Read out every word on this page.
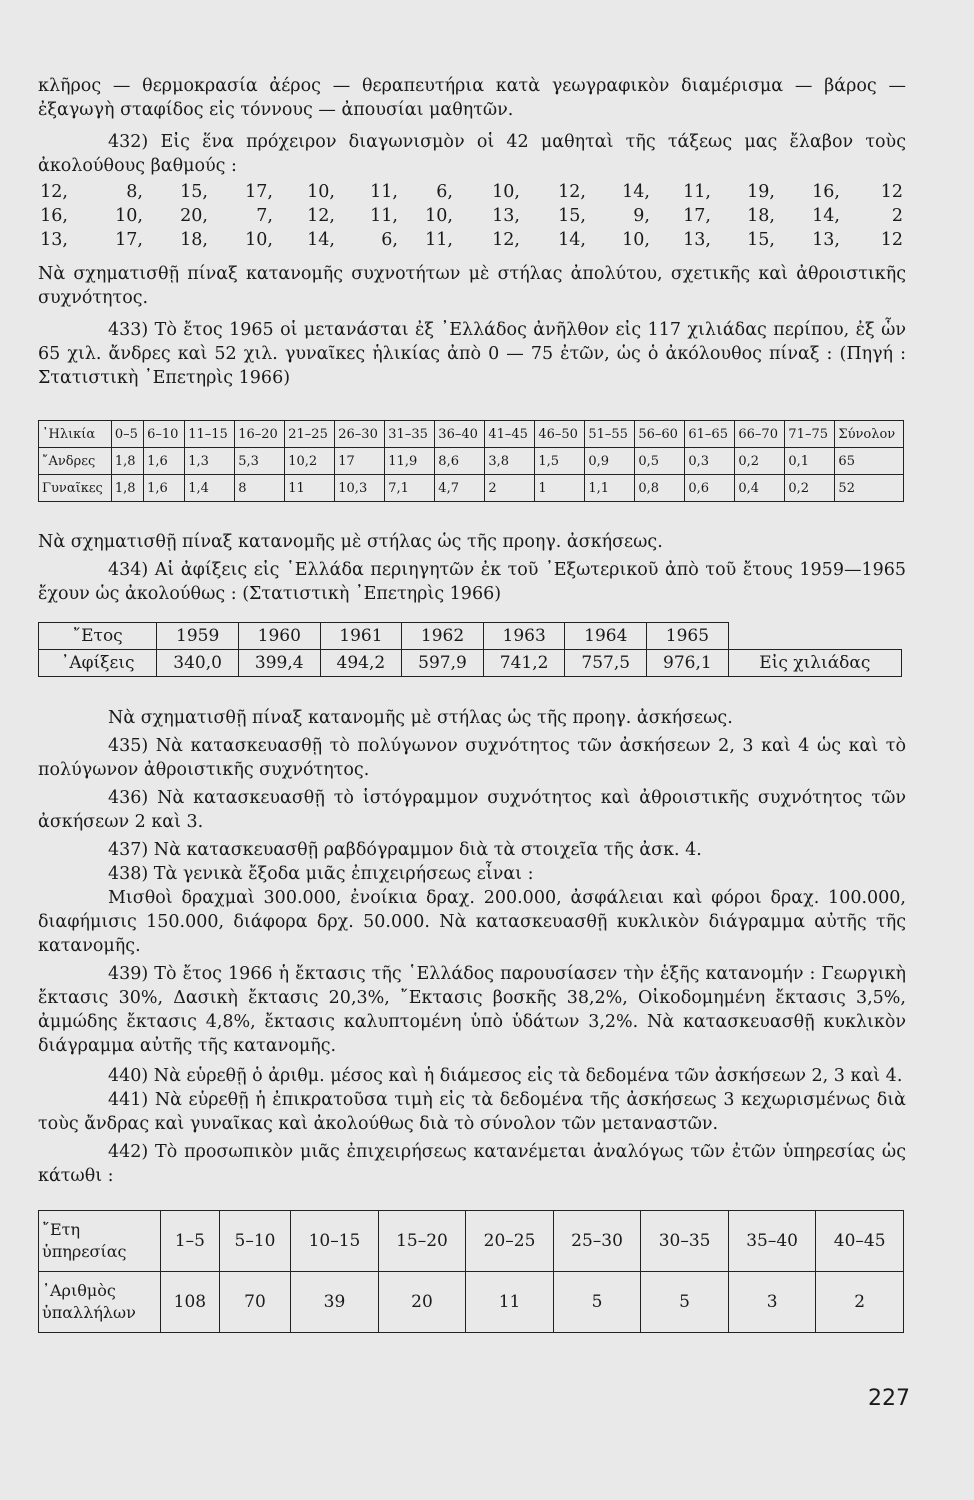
κλῆρος — θερμοκρασία ἀέρος — θεραπευτήρια κατὰ γεωγραφικὸν διαμέρισμα — βάρος — ἐξαγωγὴ σταφίδος εἰς τόννους — ἀπουσίαι μαθητῶν.

432) Εἰς ἕνα πρόχειρον διαγωνισμὸν οἱ 42 μαθηταὶ τῆς τάξεως μας ἔλαβον τοὺς ἀκολούθους βαθμούς :

12,	8,	15,	17,	10,	11,	6,	10,	12,	14,	11,	19,	16,	12
16,	10,	20,	7,	12,	11,	10,	13,	15,	9,	17,	18,	14,	2
13,	17,	18,	10,	14,	6,	11,	12,	14,	10,	13,	15,	13,	12

Νὰ σχηματισθῇ πίναξ κατανομῆς συχνοτήτων μὲ στήλας ἀπολύτου, σχετικῆς καὶ ἀθροιστικῆς συχνότητος.

433) Τὸ ἔτος 1965 οἱ μετανάσται ἐξ ᾽Ελλάδος ἀνῆλθον εἰς 117 χιλιάδας περίπου, ἐξ ὧν 65 χιλ. ἄνδρες καὶ 52 χιλ. γυναῖκες ἡλικίας ἀπὸ 0 — 75 ἐτῶν, ὡς ὁ ἀκόλουθος πίναξ : (Πηγή : Στατιστικὴ ᾽Επετηρὶς 1966)

᾽Ηλικία	0–5	6–10	11–15	16–20	21–25	26–30	31–35	36–40	41–45	46–50	51–55	56–60	61–65	66–70	71–75	Σύνολον
῎Ανδρες	1,8	1,6	1,3	5,3	10,2	17	11,9	8,6	3,8	1,5	0,9	0,5	0,3	0,2	0,1	65
Γυναῖκες	1,8	1,6	1,4	8	11	10,3	7,1	4,7	2	1	1,1	0,8	0,6	0,4	0,2	52

Νὰ σχηματισθῇ πίναξ κατανομῆς μὲ στήλας ὡς τῆς προηγ. ἀσκήσεως.

434) Αἱ ἀφίξεις εἰς ῾Ελλάδα περιηγητῶν ἐκ τοῦ ᾽Εξωτερικοῦ ἀπὸ τοῦ ἔτους 1959—1965 ἔχουν ὡς ἀκολούθως : (Στατιστικὴ ᾽Επετηρὶς 1966)

῎Ετος	1959	1960	1961	1962	1963	1964	1965	
᾽Αφίξεις	340,0	399,4	494,2	597,9	741,2	757,5	976,1	Εἰς χιλιάδας

Νὰ σχηματισθῇ πίναξ κατανομῆς μὲ στήλας ὡς τῆς προηγ. ἀσκήσεως.

435) Νὰ κατασκευασθῇ τὸ πολύγωνον συχνότητος τῶν ἀσκήσεων 2, 3 καὶ 4 ὡς καὶ τὸ πολύγωνον ἀθροιστικῆς συχνότητος.

436) Νὰ κατασκευασθῇ τὸ ἱστόγραμμον συχνότητος καὶ ἀθροιστικῆς συχνότητος τῶν ἀσκήσεων 2 καὶ 3.

437) Νὰ κατασκευασθῇ ραβδόγραμμον διὰ τὰ στοιχεῖα τῆς ἀσκ. 4.

438) Τὰ γενικὰ ἔξοδα μιᾶς ἐπιχειρήσεως εἶναι :

Μισθοὶ δραχμαὶ 300.000, ἐνοίκια δραχ. 200.000, ἀσφάλειαι καὶ φόροι δραχ. 100.000, διαφήμισις 150.000, διάφορα δρχ. 50.000. Νὰ κατασκευασθῇ κυκλικὸν διάγραμμα αὐτῆς τῆς κατανομῆς.

439) Τὸ ἔτος 1966 ἡ ἔκτασις τῆς ῾Ελλάδος παρουσίασεν τὴν ἑξῆς κατανομήν : Γεωργικὴ ἔκτασις 30%, Δασικὴ ἔκτασις 20,3%, ῎Εκτασις βοσκῆς 38,2%, Οἰκοδομημένη ἔκτασις 3,5%, ἀμμώδης ἔκτασις 4,8%, ἔκτασις καλυπτομένη ὑπὸ ὑδάτων 3,2%. Νὰ κατασκευασθῇ κυκλικὸν διάγραμμα αὐτῆς τῆς κατανομῆς.

440) Νὰ εὑρεθῇ ὁ ἀριθμ. μέσος καὶ ἡ διάμεσος εἰς τὰ δεδομένα τῶν ἀσκήσεων 2, 3 καὶ 4.

441) Νὰ εὑρεθῇ ἡ ἐπικρατοῦσα τιμὴ εἰς τὰ δεδομένα τῆς ἀσκήσεως 3 κεχωρισμένως διὰ τοὺς ἄνδρας καὶ γυναῖκας καὶ ἀκολούθως διὰ τὸ σύνολον τῶν μεταναστῶν.

442) Τὸ προσωπικὸν μιᾶς ἐπιχειρήσεως κατανέμεται ἀναλόγως τῶν ἐτῶν ὑπηρεσίας ὡς κάτωθι :

῎Ετη ὑπηρεσίας	1–5	5–10	10–15	15–20	20–25	25–30	30–35	35–40	40–45
᾽Αριθμὸς ὑπαλλήλων	108	70	39	20	11	5	5	3	2
227
